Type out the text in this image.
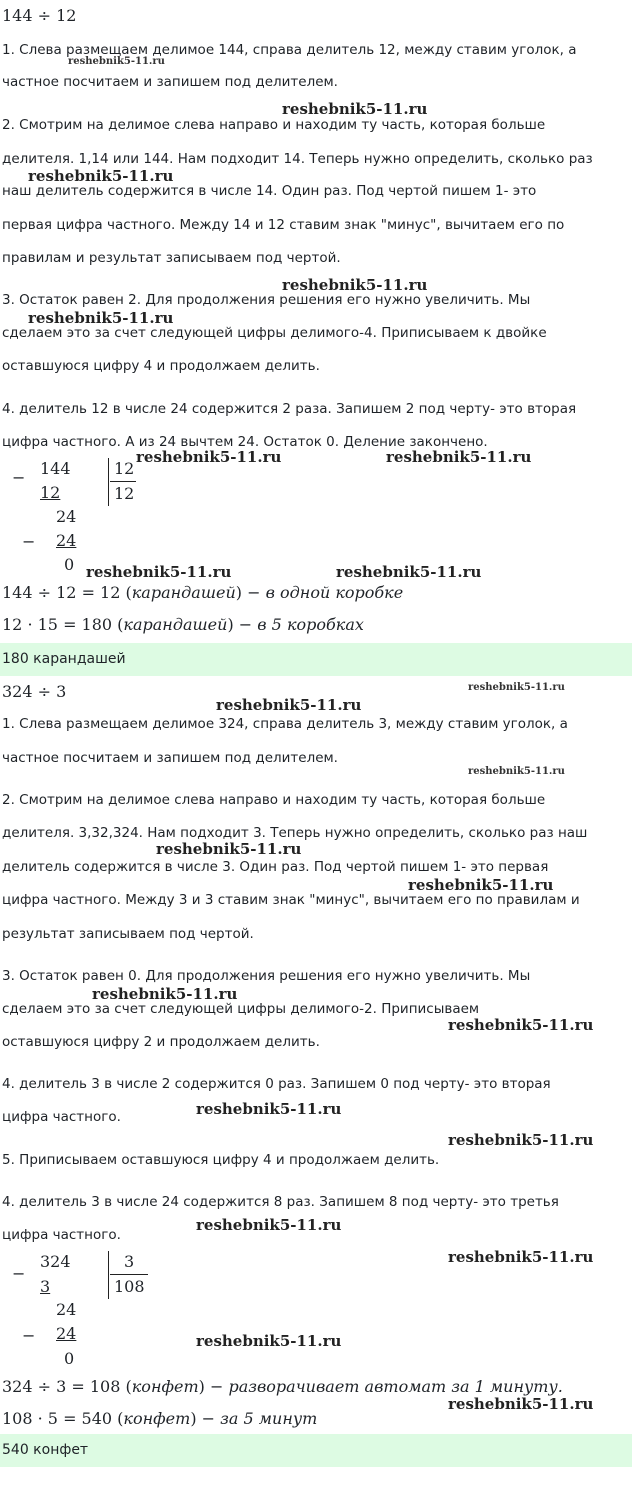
144 ÷ 12
1. Слева размещаем делимое 144, справа делитель 12, между ставим уголок, а
частное посчитаем и запишем под делителем.
2. Смотрим на делимое слева направо и находим ту часть, которая больше
делителя. 1,14 или 144. Нам подходит 14. Теперь нужно определить, сколько раз
наш делитель содержится в числе 14. Один раз. Под чертой пишем 1- это
первая цифра частного. Между 14 и 12 ставим знак "минус", вычитаем его по
правилам и результат записываем под чертой.
3. Остаток равен 2. Для продолжения решения его нужно увеличить. Мы
сделаем это за счет следующей цифры делимого-4. Приписываем к двойке
оставшуюся цифру 4 и продолжаем делить.
4. делитель 12 в числе 24 содержится 2 раза. Запишем 2 под черту- это вторая
цифра частного. А из 24 вычтем 24. Остаток 0. Деление закончено.
− 144
12
24
− 24
0
12
12
144 ÷ 12 = 12 (карандашей) − в одной коробке
12 · 15 = 180 (карандашей) − в 5 коробках
180 карандашей
324 ÷ 3
1. Слева размещаем делимое 324, справа делитель 3, между ставим уголок, а
частное посчитаем и запишем под делителем.
2. Смотрим на делимое слева направо и находим ту часть, которая больше
делителя. 3,32,324. Нам подходит 3. Теперь нужно определить, сколько раз наш
делитель содержится в числе 3. Один раз. Под чертой пишем 1- это первая
цифра частного. Между 3 и 3 ставим знак "минус", вычитаем его по правилам и
результат записываем под чертой.
3. Остаток равен 0. Для продолжения решения его нужно увеличить. Мы
сделаем это за счет следующей цифры делимого-2. Приписываем
оставшуюся цифру 2 и продолжаем делить.
4. делитель 3 в числе 2 содержится 0 раз. Запишем 0 под черту- это вторая
цифра частного.
5. Приписываем оставшуюся цифру 4 и продолжаем делить.
4. делитель 3 в числе 24 содержится 8 раз. Запишем 8 под черту- это третья
цифра частного.
−
324
3
24
− 24
0
3
108
324 ÷ 3 = 108 (конфет) − разворачивает автомат за 1 минуту.
108 · 5 = 540 (конфет) − за 5 минут
540 конфет
reshebnik5-11.ru
reshebnik5-11.ru
reshebnik5-11.ru
reshebnik5-11.ru
reshebnik5-11.ru
reshebnik5-11.ru	reshebnik5-11.ru
reshebnik5-11.ru	reshebnik5-11.ru
reshebnik5-11.ru
reshebnik5-11.ru
reshebnik5-11.ru
reshebnik5-11.ru
reshebnik5-11.ru
reshebnik5-11.ru
reshebnik5-11.ru
reshebnik5-11.ru
reshebnik5-11.ru
reshebnik5-11.ru
reshebnik5-11.ru
reshebnik5-11.ru
reshebnik5-11.ru
